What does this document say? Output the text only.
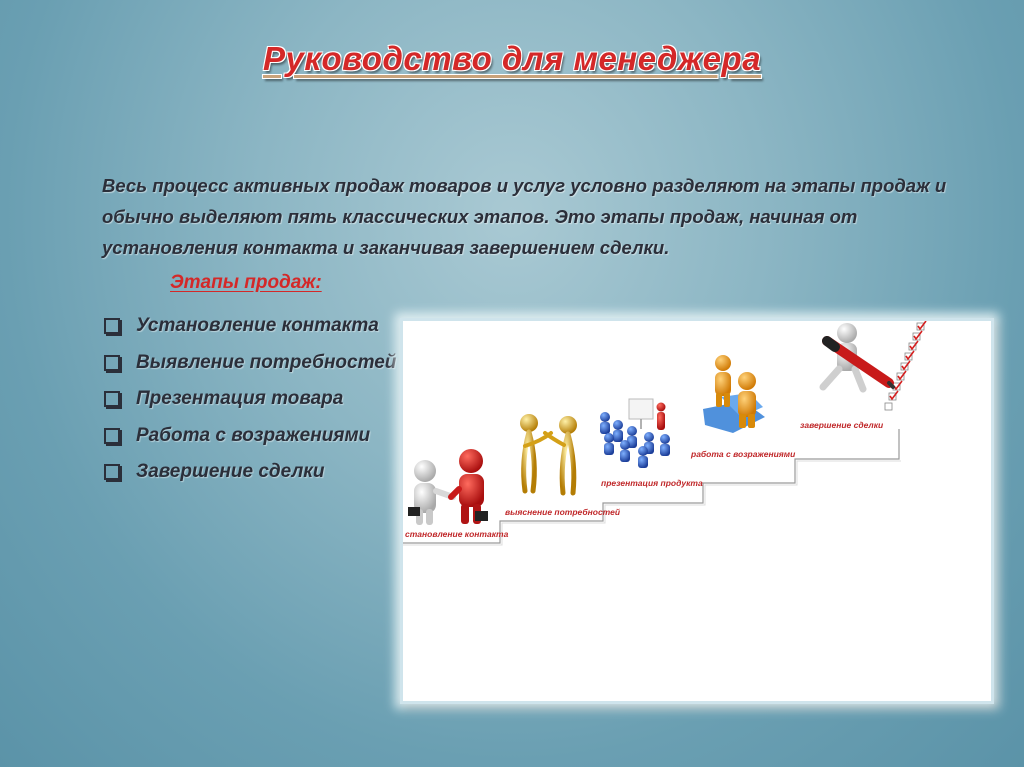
Руководство для менеджера
Весь процесс активных продаж товаров и услуг условно разделяют на этапы продаж и
обычно выделяют пять классических этапов. Это этапы продаж, начиная от
установления контакта и заканчивая завершением сделки.
Этапы продаж:
Установление контакта
Выявление потребностей
Презентация товара
Работа с возражениями
Завершение сделки
становление контакта
выяснение потребностей
презентация продукта
работа с возражениями
завершение сделки
